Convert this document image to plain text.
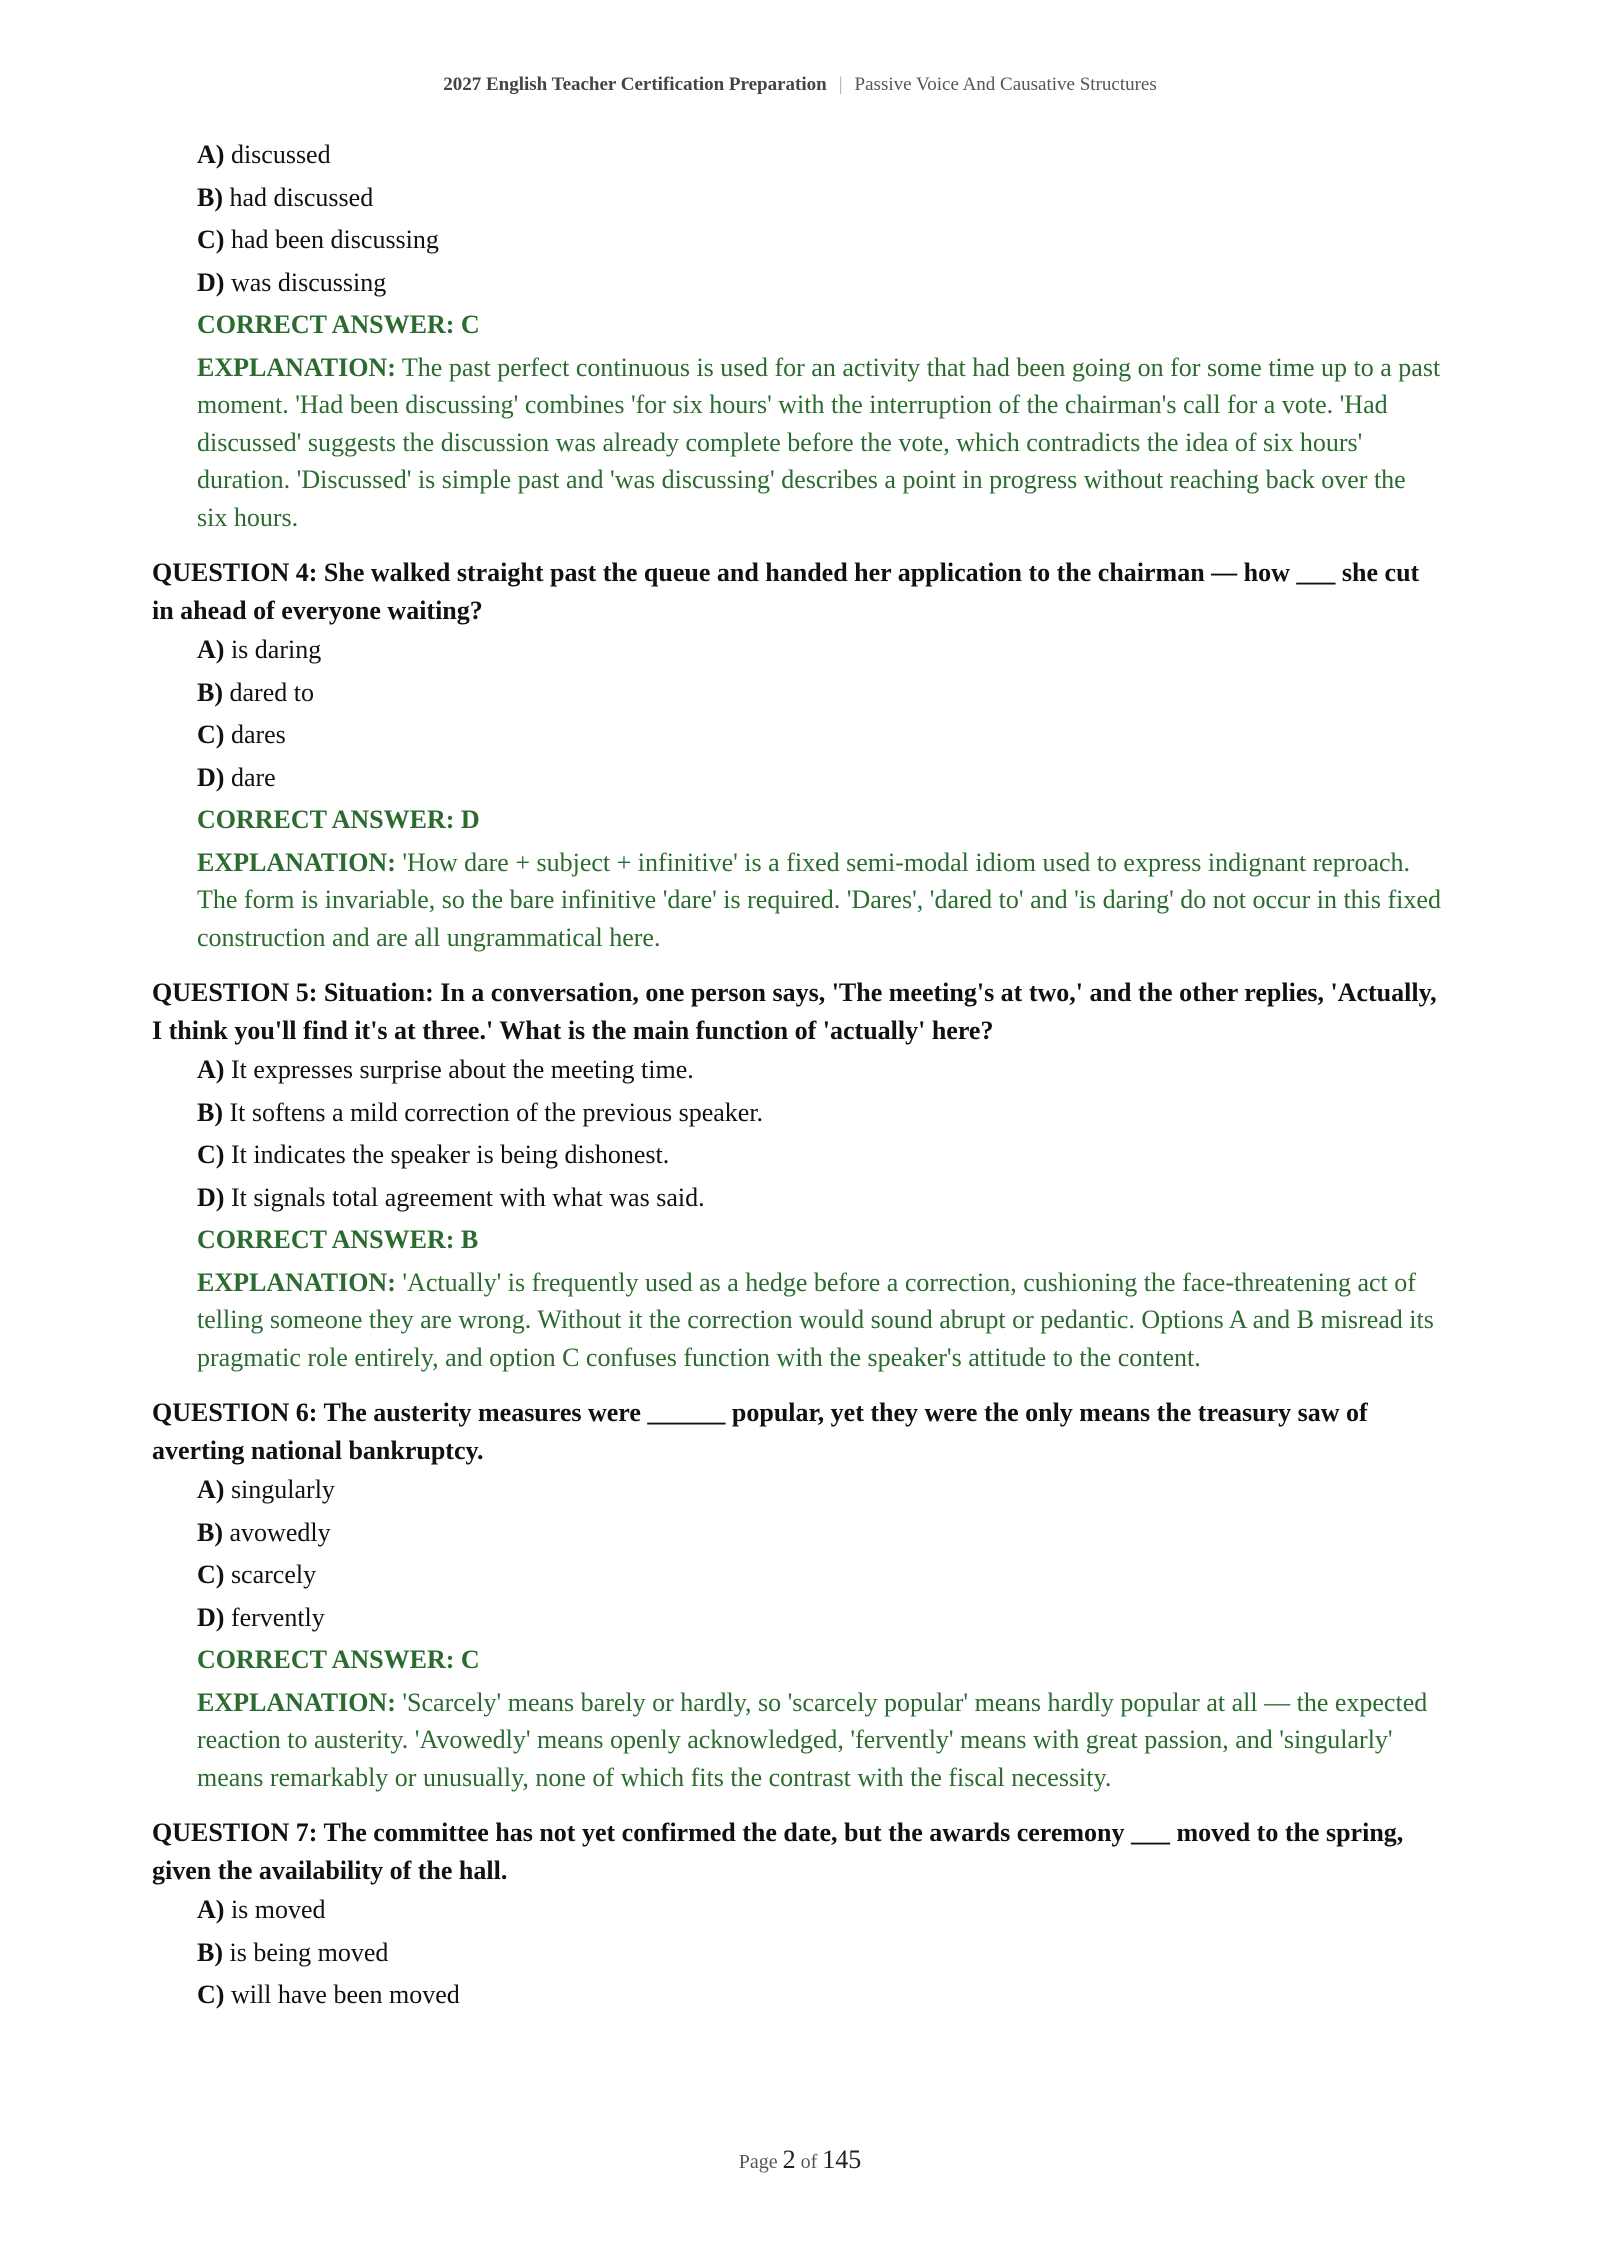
2027 English Teacher Certification Preparation | Passive Voice And Causative Structures
A) discussed
B) had discussed
C) had been discussing
D) was discussing
CORRECT ANSWER: C
EXPLANATION: The past perfect continuous is used for an activity that had been going on for some time up to a past moment. 'Had been discussing' combines 'for six hours' with the interruption of the chairman's call for a vote. 'Had discussed' suggests the discussion was already complete before the vote, which contradicts the idea of six hours' duration. 'Discussed' is simple past and 'was discussing' describes a point in progress without reaching back over the six hours.

QUESTION 4: She walked straight past the queue and handed her application to the chairman — how ___ she cut in ahead of everyone waiting?

A) is daring
B) dared to
C) dares
D) dare
CORRECT ANSWER: D
EXPLANATION: 'How dare + subject + infinitive' is a fixed semi-modal idiom used to express indignant reproach. The form is invariable, so the bare infinitive 'dare' is required. 'Dares', 'dared to' and 'is daring' do not occur in this fixed construction and are all ungrammatical here.

QUESTION 5: Situation: In a conversation, one person says, 'The meeting's at two,' and the other replies, 'Actually, I think you'll find it's at three.' What is the main function of 'actually' here?

A) It expresses surprise about the meeting time.
B) It softens a mild correction of the previous speaker.
C) It indicates the speaker is being dishonest.
D) It signals total agreement with what was said.
CORRECT ANSWER: B
EXPLANATION: 'Actually' is frequently used as a hedge before a correction, cushioning the face-threatening act of telling someone they are wrong. Without it the correction would sound abrupt or pedantic. Options A and B misread its pragmatic role entirely, and option C confuses function with the speaker's attitude to the content.

QUESTION 6: The austerity measures were ______ popular, yet they were the only means the treasury saw of averting national bankruptcy.

A) singularly
B) avowedly
C) scarcely
D) fervently
CORRECT ANSWER: C
EXPLANATION: 'Scarcely' means barely or hardly, so 'scarcely popular' means hardly popular at all — the expected reaction to austerity. 'Avowedly' means openly acknowledged, 'fervently' means with great passion, and 'singularly' means remarkably or unusually, none of which fits the contrast with the fiscal necessity.

QUESTION 7: The committee has not yet confirmed the date, but the awards ceremony ___ moved to the spring, given the availability of the hall.

A) is moved
B) is being moved
C) will have been moved
Page 2 of 145
